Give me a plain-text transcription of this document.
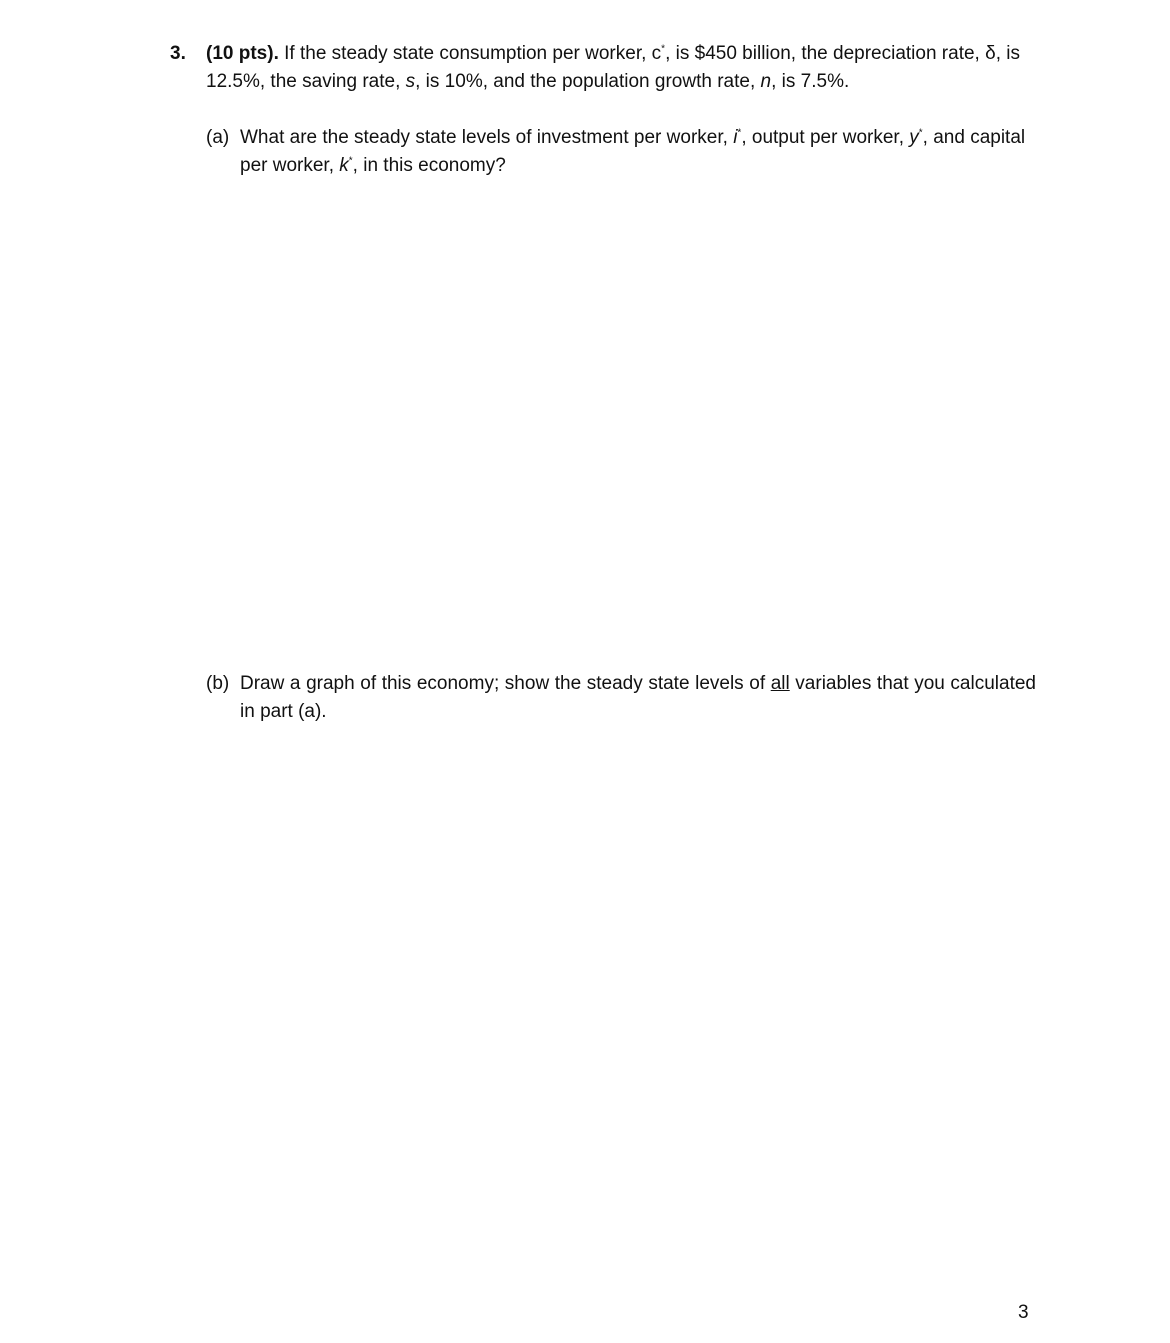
3. (10 pts). If the steady state consumption per worker, c*, is $450 billion, the depreciation rate, δ, is 12.5%, the saving rate, s, is 10%, and the population growth rate, n, is 7.5%.
(a) What are the steady state levels of investment per worker, i*, output per worker, y*, and capital per worker, k*, in this economy?
(b) Draw a graph of this economy; show the steady state levels of all variables that you calculated in part (a).
3
